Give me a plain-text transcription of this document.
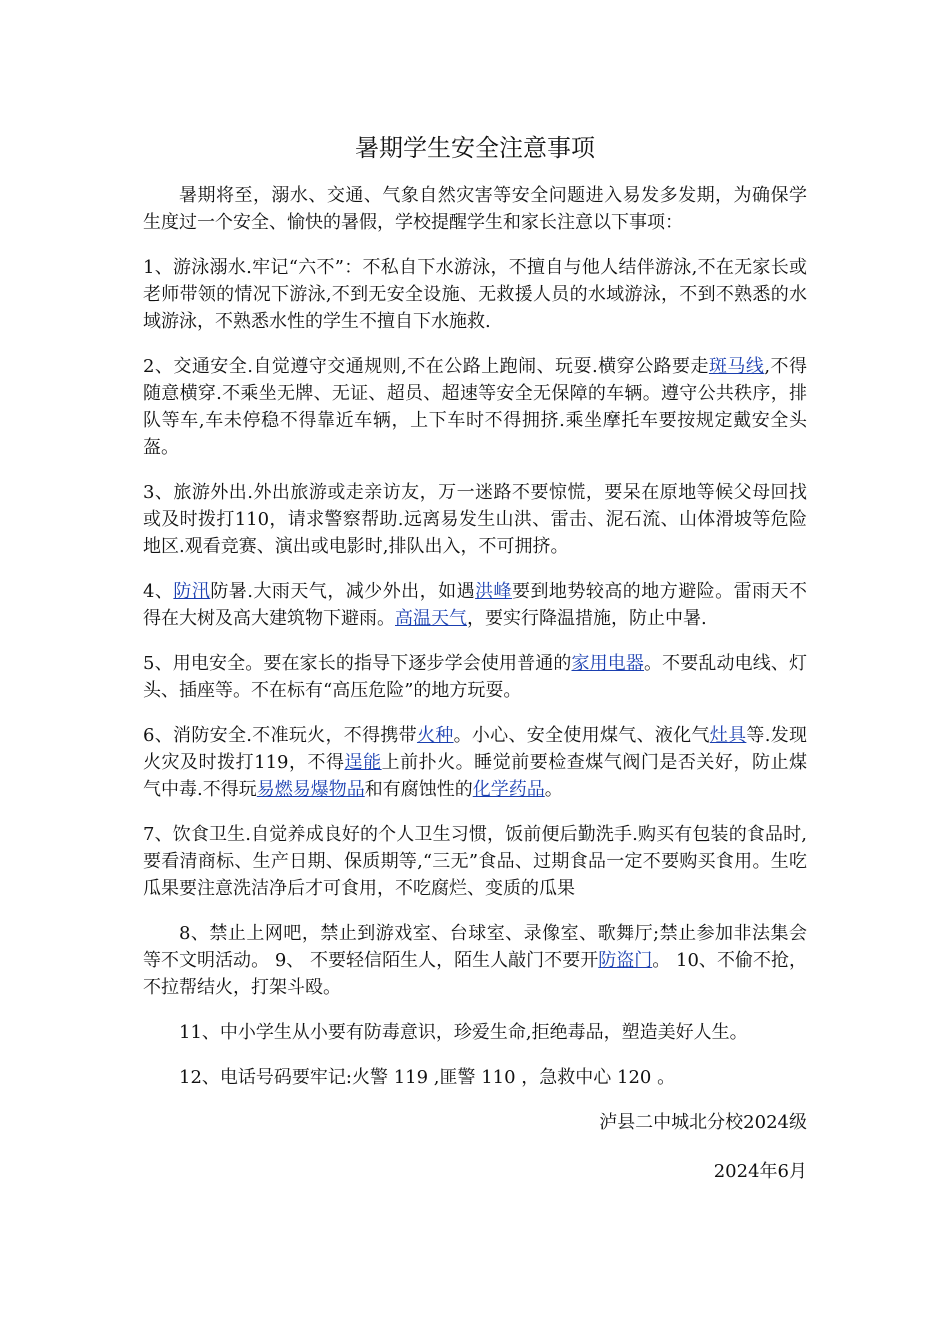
暑期学生安全注意事项

暑期将至，溺水、交通、气象自然灾害等安全问题进入易发多发期，为确保学生度过一个安全、愉快的暑假，学校提醒学生和家长注意以下事项：

1、游泳溺水.牢记“六不”：不私自下水游泳，不擅自与他人结伴游泳,不在无家长或老师带领的情况下游泳,不到无安全设施、无救援人员的水域游泳，不到不熟悉的水域游泳，不熟悉水性的学生不擅自下水施救.

2、交通安全.自觉遵守交通规则,不在公路上跑闹、玩耍.横穿公路要走斑马线,不得随意横穿.不乘坐无牌、无证、超员、超速等安全无保障的车辆。遵守公共秩序，排队等车,车未停稳不得靠近车辆，上下车时不得拥挤.乘坐摩托车要按规定戴安全头盔。

3、旅游外出.外出旅游或走亲访友，万一迷路不要惊慌，要呆在原地等候父母回找或及时拨打110，请求警察帮助.远离易发生山洪、雷击、泥石流、山体滑坡等危险地区.观看竞赛、演出或电影时,排队出入，不可拥挤。

4、防汛防暑.大雨天气，减少外出，如遇洪峰要到地势较高的地方避险。雷雨天不得在大树及高大建筑物下避雨。高温天气，要实行降温措施，防止中暑.

5、用电安全。要在家长的指导下逐步学会使用普通的家用电器。不要乱动电线、灯头、插座等。不在标有“高压危险”的地方玩耍。

6、消防安全.不准玩火，不得携带火种。小心、安全使用煤气、液化气灶具等.发现火灾及时拨打119，不得逞能上前扑火。睡觉前要检查煤气阀门是否关好，防止煤气中毒.不得玩易燃易爆物品和有腐蚀性的化学药品。

7、饮食卫生.自觉养成良好的个人卫生习惯，饭前便后勤洗手.购买有包装的食品时,要看清商标、生产日期、保质期等,“三无”食品、过期食品一定不要购买食用。生吃瓜果要注意洗洁净后才可食用，不吃腐烂、变质的瓜果

8、禁止上网吧，禁止到游戏室、台球室、录像室、歌舞厅;禁止参加非法集会等不文明活动。 9、 不要轻信陌生人，陌生人敲门不要开防盗门。 10、不偷不抢，不拉帮结火，打架斗殴。

11、中小学生从小要有防毒意识，珍爱生命,拒绝毒品，塑造美好人生。

12、电话号码要牢记:火警 119 ,匪警 110 ，急救中心 120 。

泸县二中城北分校2024级

2024年6月
